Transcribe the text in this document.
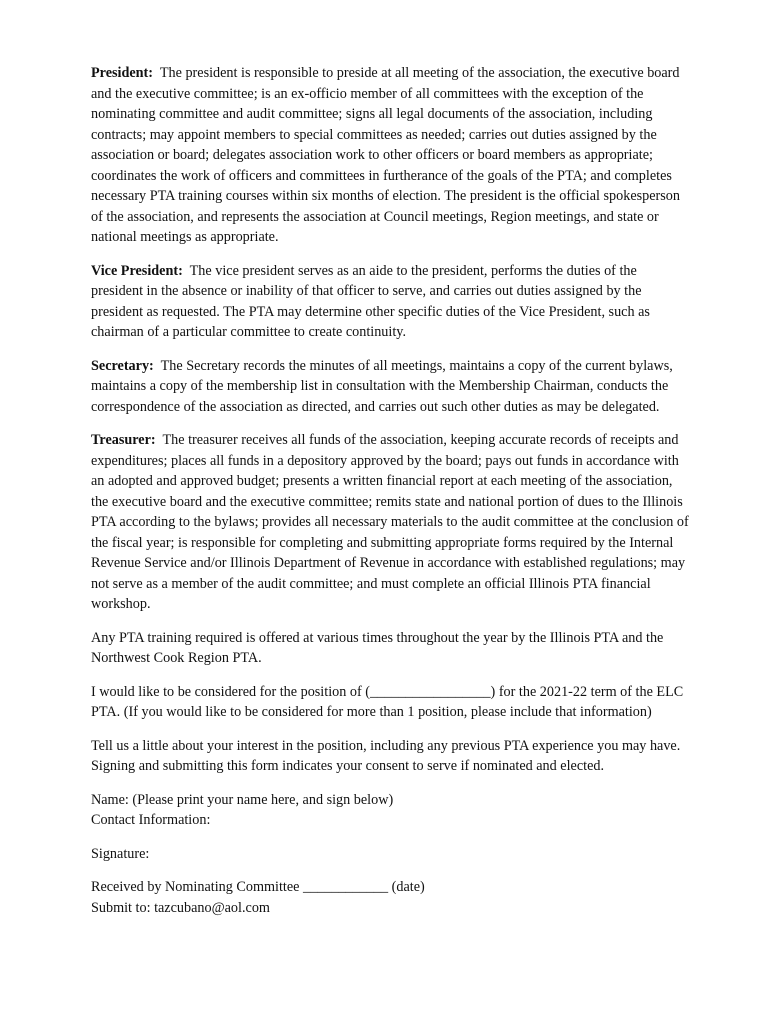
President: The president is responsible to preside at all meeting of the association, the executive board and the executive committee; is an ex-officio member of all committees with the exception of the nominating committee and audit committee; signs all legal documents of the association, including contracts; may appoint members to special committees as needed; carries out duties assigned by the association or board; delegates association work to other officers or board members as appropriate; coordinates the work of officers and committees in furtherance of the goals of the PTA; and completes necessary PTA training courses within six months of election. The president is the official spokesperson of the association, and represents the association at Council meetings, Region meetings, and state or national meetings as appropriate.

Vice President: The vice president serves as an aide to the president, performs the duties of the president in the absence or inability of that officer to serve, and carries out duties assigned by the president as requested. The PTA may determine other specific duties of the Vice President, such as chairman of a particular committee to create continuity.

Secretary: The Secretary records the minutes of all meetings, maintains a copy of the current bylaws, maintains a copy of the membership list in consultation with the Membership Chairman, conducts the correspondence of the association as directed, and carries out such other duties as may be delegated.

Treasurer: The treasurer receives all funds of the association, keeping accurate records of receipts and expenditures; places all funds in a depository approved by the board; pays out funds in accordance with an adopted and approved budget; presents a written financial report at each meeting of the association, the executive board and the executive committee; remits state and national portion of dues to the Illinois PTA according to the bylaws; provides all necessary materials to the audit committee at the conclusion of the fiscal year; is responsible for completing and submitting appropriate forms required by the Internal Revenue Service and/or Illinois Department of Revenue in accordance with established regulations; may not serve as a member of the audit committee; and must complete an official Illinois PTA financial workshop.

Any PTA training required is offered at various times throughout the year by the Illinois PTA and the Northwest Cook Region PTA.

I would like to be considered for the position of (_________________) for the 2021-22 term of the ELC PTA. (If you would like to be considered for more than 1 position, please include that information)

Tell us a little about your interest in the position, including any previous PTA experience you may have. Signing and submitting this form indicates your consent to serve if nominated and elected.

Name: (Please print your name here, and sign below)

Contact Information:

Signature:

Received by Nominating Committee ____________ (date)

Submit to: tazcubano@aol.com
